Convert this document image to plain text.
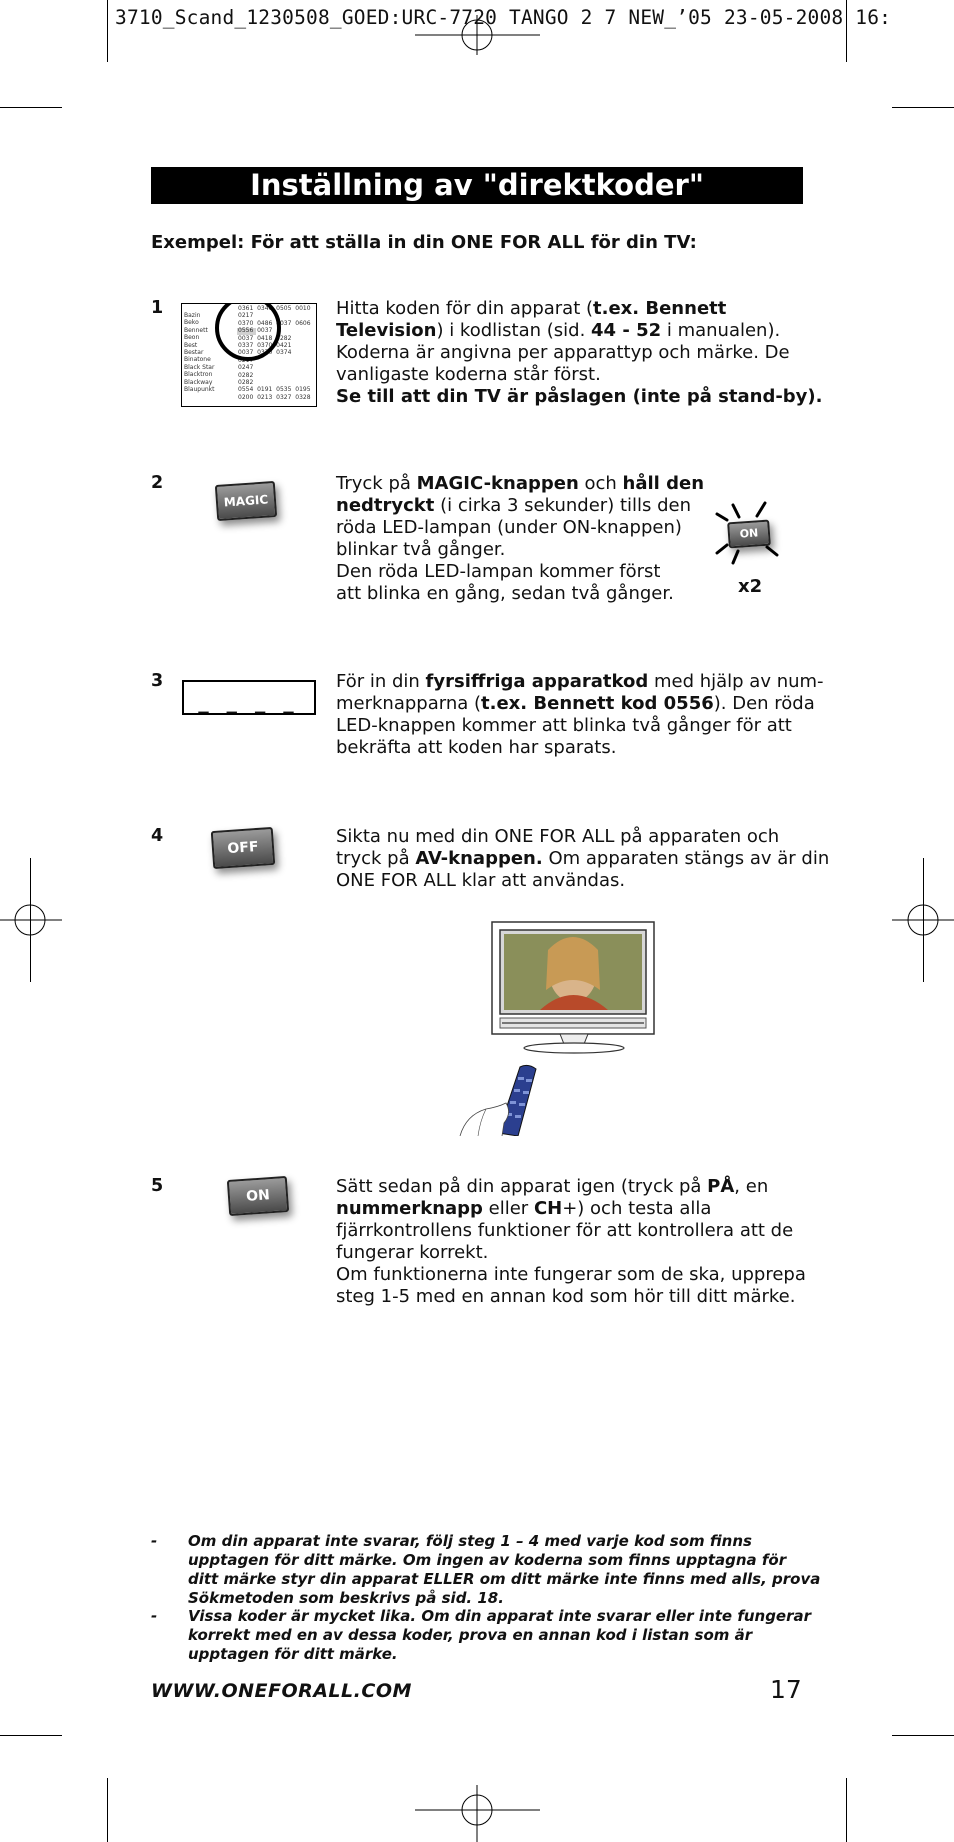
3710_Scand_1230508_GOED:URC-7720 TANGO 2 7 NEW_’05 23-05-2008 16:
Inställning av "direktkoder"
Exempel: För att ställa in din ONE FOR ALL för din TV:
1
2
3
4
5
Hitta koden för din apparat (t.ex. Bennett
Television) i kodlistan (sid. 44 - 52 i manualen).
Koderna är angivna per apparattyp och märke. De
vanligaste koderna står först.
Se till att din TV är påslagen (inte på stand-by).
Tryck på MAGIC-knappen och håll den
nedtryckt (i cirka 3 sekunder) tills den
röda LED-lampan (under ON-knappen)
blinkar två gånger.
Den röda LED-lampan kommer först
att blinka en gång, sedan två gånger.
För in din fyrsiffriga apparatkod med hjälp av num-
merknapparna (t.ex. Bennett kod 0556). Den röda
LED-knappen kommer att blinka två gånger för att
bekräfta att koden har sparats.
Sikta nu med din ONE FOR ALL på apparaten och
tryck på AV-knappen. Om apparaten stängs av är din
ONE FOR ALL klar att användas.
Sätt sedan på din apparat igen (tryck på PÅ, en
nummerknapp eller CH+) och testa alla
fjärrkontrollens funktioner för att kontrollera att de
fungerar korrekt.
Om funktionerna inte fungerar som de ska, upprepa
steg 1-5 med en annan kod som hör till ditt märke.
Bazin
Beko
Bennett
Beon
Best
Bestar
Binatone
Black Star
Blacktron
Blackway
Blaupunkt
0361  0346  0505  0010
0217
0370  0486  0037  0606
0556  0037
0037  0418  0282
0337  0370  0421
0037  0370  0374
0217
0247
0282
0282
0554  0191  0535  0195
0200  0213  0327  0328
MAGIC
ON
x2
_ _ _ _
OFF
ON
- Om din apparat inte svarar, följ steg 1 – 4 med varje kod som finns
upptagen för ditt märke. Om ingen av koderna som finns upptagna för
ditt märke styr din apparat ELLER om ditt märke inte finns med alls, prova
Sökmetoden som beskrivs på sid. 18.
- Vissa koder är mycket lika. Om din apparat inte svarar eller inte fungerar
korrekt med en av dessa koder, prova en annan kod i listan som är
upptagen för ditt märke.
WWW.ONEFORALL.COM	17
